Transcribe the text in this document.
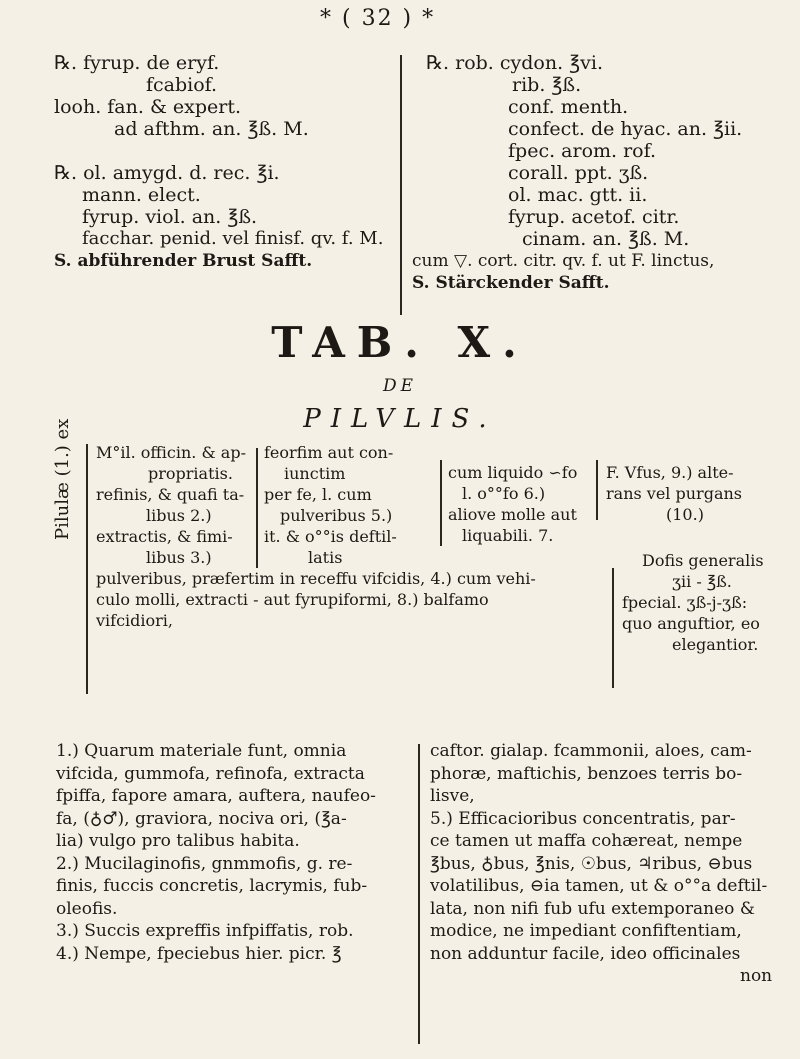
* ( 32 ) *
℞. fyrup. de eryf.
fcabiof.
looh. fan. & expert.
ad afthm. an. ℥ß. M.
℞. ol. amygd. d. rec. ℥i.
mann. elect.
fyrup. viol. an. ℥ß.
facchar. penid. vel finisf. qv. f. M.
S. abführender Brust Safft.
℞. rob. cydon. ℥vi.
rib. ℥ß.
conf. menth.
confect. de hyac. an. ℥ii.
fpec. arom. rof.
corall. ppt. ʒß.
ol. mac. gtt. ii.
fyrup. acetof. citr.
cinam. an. ℥ß. M.
cum ▽. cort. citr. qv. f. ut F. linctus,
S. Stärckender Safft.
TAB. X.
DE
PILVLIS.
Pilulæ (1.) ex M°il. officin. & ap-
propriatis.
refinis, & quafi ta-
libus 2.)
extractis, & fimi-
libus 3.)
feorfim aut con-
iunctim
per fe, l. cum
pulveribus 5.)
it. & o°°is deftil-
latis
cum liquido ∽fo
l. o°°fo 6.)
aliove molle aut
liquabili. 7.
F. Vfus, 9.) alte-
rans vel purgans
(10.)
pulveribus, præfertim in receffu vifcidis, 4.) cum vehi-
culo molli, extracti - aut fyrupiformi, 8.) balfamo
vifcidiori,
Dofis generalis
ʒii - ℥ß.
fpecial. ʒß-j-ʒß:
quo anguftior, eo
elegantior.
1.) Quarum materiale funt, omnia
vifcida, gummofa, refinofa, extracta
fpiffa, fapore amara, auftera, naufeo-
fa, (♁♂), graviora, nociva ori, (℥a-
lia) vulgo pro talibus habita.
2.) Mucilaginofis, gnmmofis, g. re-
finis, fuccis concretis, lacrymis, fub-
oleofis.
3.) Succis expreffis infpiffatis, rob.
4.) Nempe, fpeciebus hier. picr. ℥
caftor. gialap. fcammonii, aloes, cam-
phoræ, maftichis, benzoes terris bo-
lisve,
5.) Efficacioribus concentratis, par-
ce tamen ut maffa cohæreat, nempe
℥bus, ♁bus, ℥nis, ☉bus, ♃ribus, ⊖bus
volatilibus, ⊖ia tamen, ut & o°°a deftil-
lata, non nifi fub ufu extemporaneo &
modice, ne impediant confiftentiam,
non adduntur facile, ideo officinales
non
